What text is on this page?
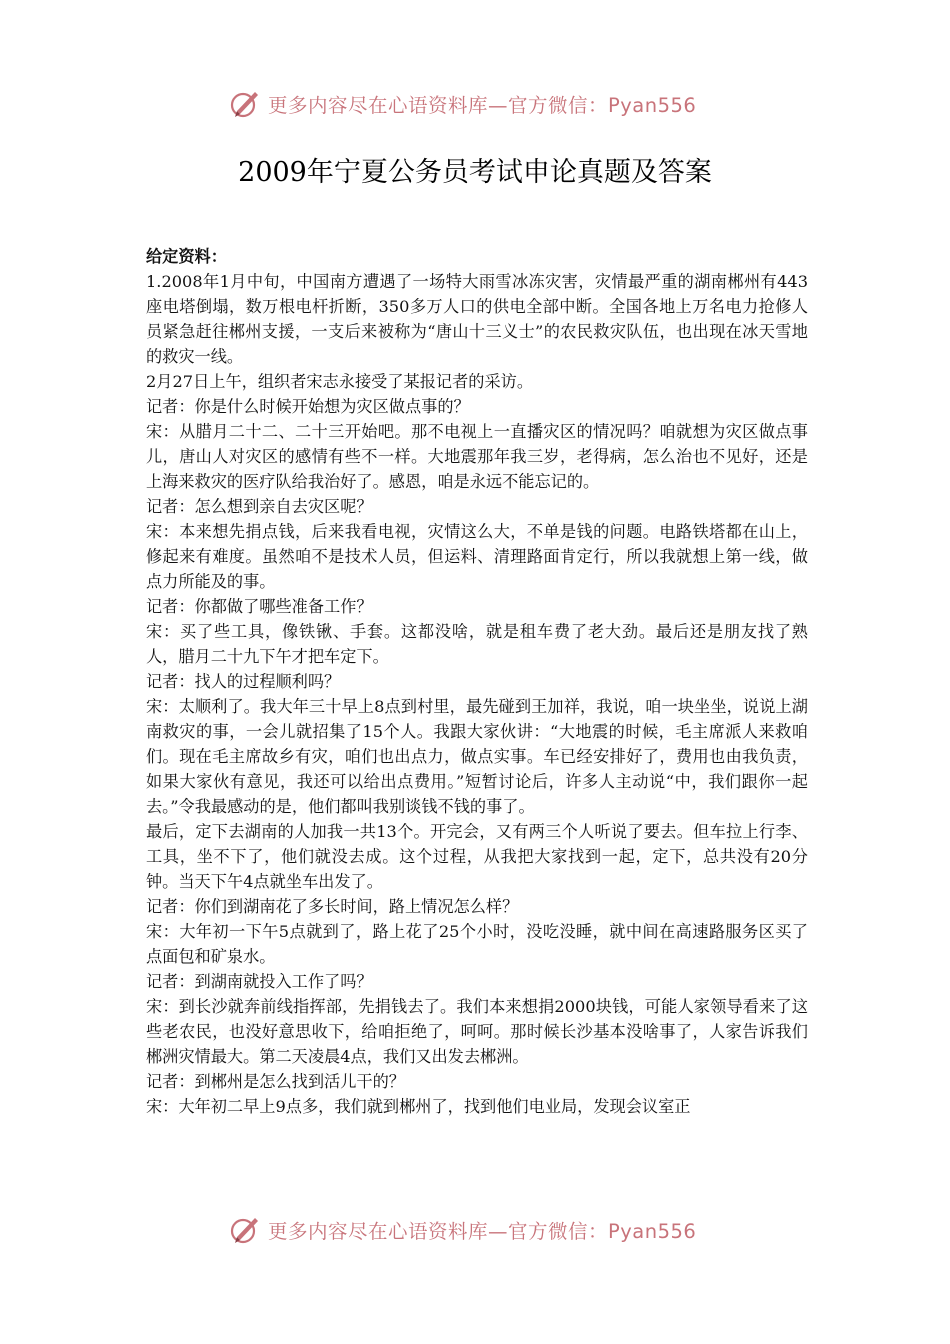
更多内容尽在心语资料库—官方微信：Pyan556
2009年宁夏公务员考试申论真题及答案

给定资料：

1.2008年1月中旬，中国南方遭遇了一场特大雨雪冰冻灾害，灾情最严重的湖南郴州有443座电塔倒塌，数万根电杆折断，350多万人口的供电全部中断。全国各地上万名电力抢修人员紧急赶往郴州支援，一支后来被称为“唐山十三义士”的农民救灾队伍，也出现在冰天雪地的救灾一线。

2月27日上午，组织者宋志永接受了某报记者的采访。

记者：你是什么时候开始想为灾区做点事的？

宋：从腊月二十二、二十三开始吧。那不电视上一直播灾区的情况吗？咱就想为灾区做点事儿，唐山人对灾区的感情有些不一样。大地震那年我三岁，老得病，怎么治也不见好，还是上海来救灾的医疗队给我治好了。感恩，咱是永远不能忘记的。

记者：怎么想到亲自去灾区呢？

宋：本来想先捐点钱，后来我看电视，灾情这么大，不单是钱的问题。电路铁塔都在山上，修起来有难度。虽然咱不是技术人员，但运料、清理路面肯定行，所以我就想上第一线，做点力所能及的事。

记者：你都做了哪些准备工作？

宋：买了些工具，像铁锹、手套。这都没啥，就是租车费了老大劲。最后还是朋友找了熟人，腊月二十九下午才把车定下。

记者：找人的过程顺利吗？

宋：太顺利了。我大年三十早上8点到村里，最先碰到王加祥，我说，咱一块坐坐，说说上湖南救灾的事，一会儿就招集了15个人。我跟大家伙讲：“大地震的时候，毛主席派人来救咱们。现在毛主席故乡有灾，咱们也出点力，做点实事。车已经安排好了，费用也由我负责，如果大家伙有意见，我还可以给出点费用。”短暂讨论后，许多人主动说“中，我们跟你一起去。”令我最感动的是，他们都叫我别谈钱不钱的事了。

最后，定下去湖南的人加我一共13个。开完会，又有两三个人听说了要去。但车拉上行李、工具，坐不下了，他们就没去成。这个过程，从我把大家找到一起，定下，总共没有20分钟。当天下午4点就坐车出发了。

记者：你们到湖南花了多长时间，路上情况怎么样？

宋：大年初一下午5点就到了，路上花了25个小时，没吃没睡，就中间在高速路服务区买了点面包和矿泉水。

记者：到湖南就投入工作了吗？

宋：到长沙就奔前线指挥部，先捐钱去了。我们本来想捐2000块钱，可能人家领导看来了这些老农民，也没好意思收下，给咱拒绝了，呵呵。那时候长沙基本没啥事了，人家告诉我们郴洲灾情最大。第二天凌晨4点，我们又出发去郴洲。

记者：到郴州是怎么找到活儿干的？

宋：大年初二早上9点多，我们就到郴州了，找到他们电业局，发现会议室正

更多内容尽在心语资料库—官方微信：Pyan556
